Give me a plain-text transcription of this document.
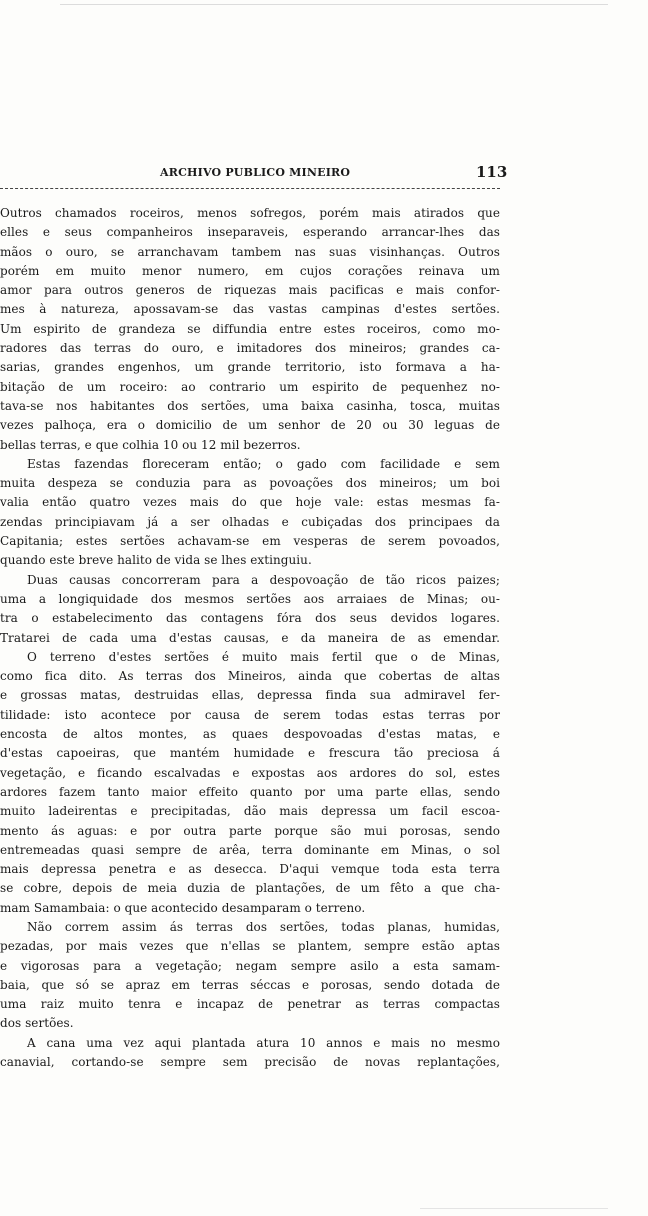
ARCHIVO PUBLICO MINEIRO	113
Outros chamados roceiros, menos sofregos, porém mais atirados que
elles e seus companheiros inseparaveis, esperando arrancar-lhes das
mãos o ouro, se arranchavam tambem nas suas visinhanças. Outros
porém em muito menor numero, em cujos corações reinava um
amor para outros generos de riquezas mais pacificas e mais confor-
mes à natureza, apossavam-se das vastas campinas d'estes sertões.
Um espirito de grandeza se diffundia entre estes roceiros, como mo-
radores das terras do ouro, e imitadores dos mineiros; grandes ca-
sarias, grandes engenhos, um grande territorio, isto formava a ha-
bitação de um roceiro: ao contrario um espirito de pequenhez no-
tava-se nos habitantes dos sertões, uma baixa casinha, tosca, muitas
vezes palhoça, era o domicilio de um senhor de 20 ou 30 leguas de
bellas terras, e que colhia 10 ou 12 mil bezerros.
Estas fazendas floreceram então; o gado com facilidade e sem
muita despeza se conduzia para as povoações dos mineiros; um boi
valia então quatro vezes mais do que hoje vale: estas mesmas fa-
zendas principiavam já a ser olhadas e cubiçadas dos principaes da
Capitania; estes sertões achavam-se em vesperas de serem povoados,
quando este breve halito de vida se lhes extinguiu.
Duas causas concorreram para a despovoação de tão ricos paizes;
uma a longiquidade dos mesmos sertões aos arraiaes de Minas; ou-
tra o estabelecimento das contagens fóra dos seus devidos logares.
Tratarei de cada uma d'estas causas, e da maneira de as emendar.
O terreno d'estes sertões é muito mais fertil que o de Minas,
como fica dito. As terras dos Mineiros, ainda que cobertas de altas
e grossas matas, destruidas ellas, depressa finda sua admiravel fer-
tilidade: isto acontece por causa de serem todas estas terras por
encosta de altos montes, as quaes despovoadas d'estas matas, e
d'estas capoeiras, que mantém humidade e frescura tão preciosa á
vegetação, e ficando escalvadas e expostas aos ardores do sol, estes
ardores fazem tanto maior effeito quanto por uma parte ellas, sendo
muito ladeirentas e precipitadas, dão mais depressa um facil escoa-
mento ás aguas: e por outra parte porque são mui porosas, sendo
entremeadas quasi sempre de arêa, terra dominante em Minas, o sol
mais depressa penetra e as desecca. D'aqui vemque toda esta terra
se cobre, depois de meia duzia de plantações, de um fêto a que cha-
mam Samambaia: o que acontecido desamparam o terreno.
Não correm assim ás terras dos sertões, todas planas, humidas,
pezadas, por mais vezes que n'ellas se plantem, sempre estão aptas
e vigorosas para a vegetação; negam sempre asilo a esta samam-
baia, que só se apraz em terras séccas e porosas, sendo dotada de
uma raiz muito tenra e incapaz de penetrar as terras compactas
dos sertões.
A cana uma vez aqui plantada atura 10 annos e mais no mesmo
canavial, cortando-se sempre sem precisão de novas replantações,
